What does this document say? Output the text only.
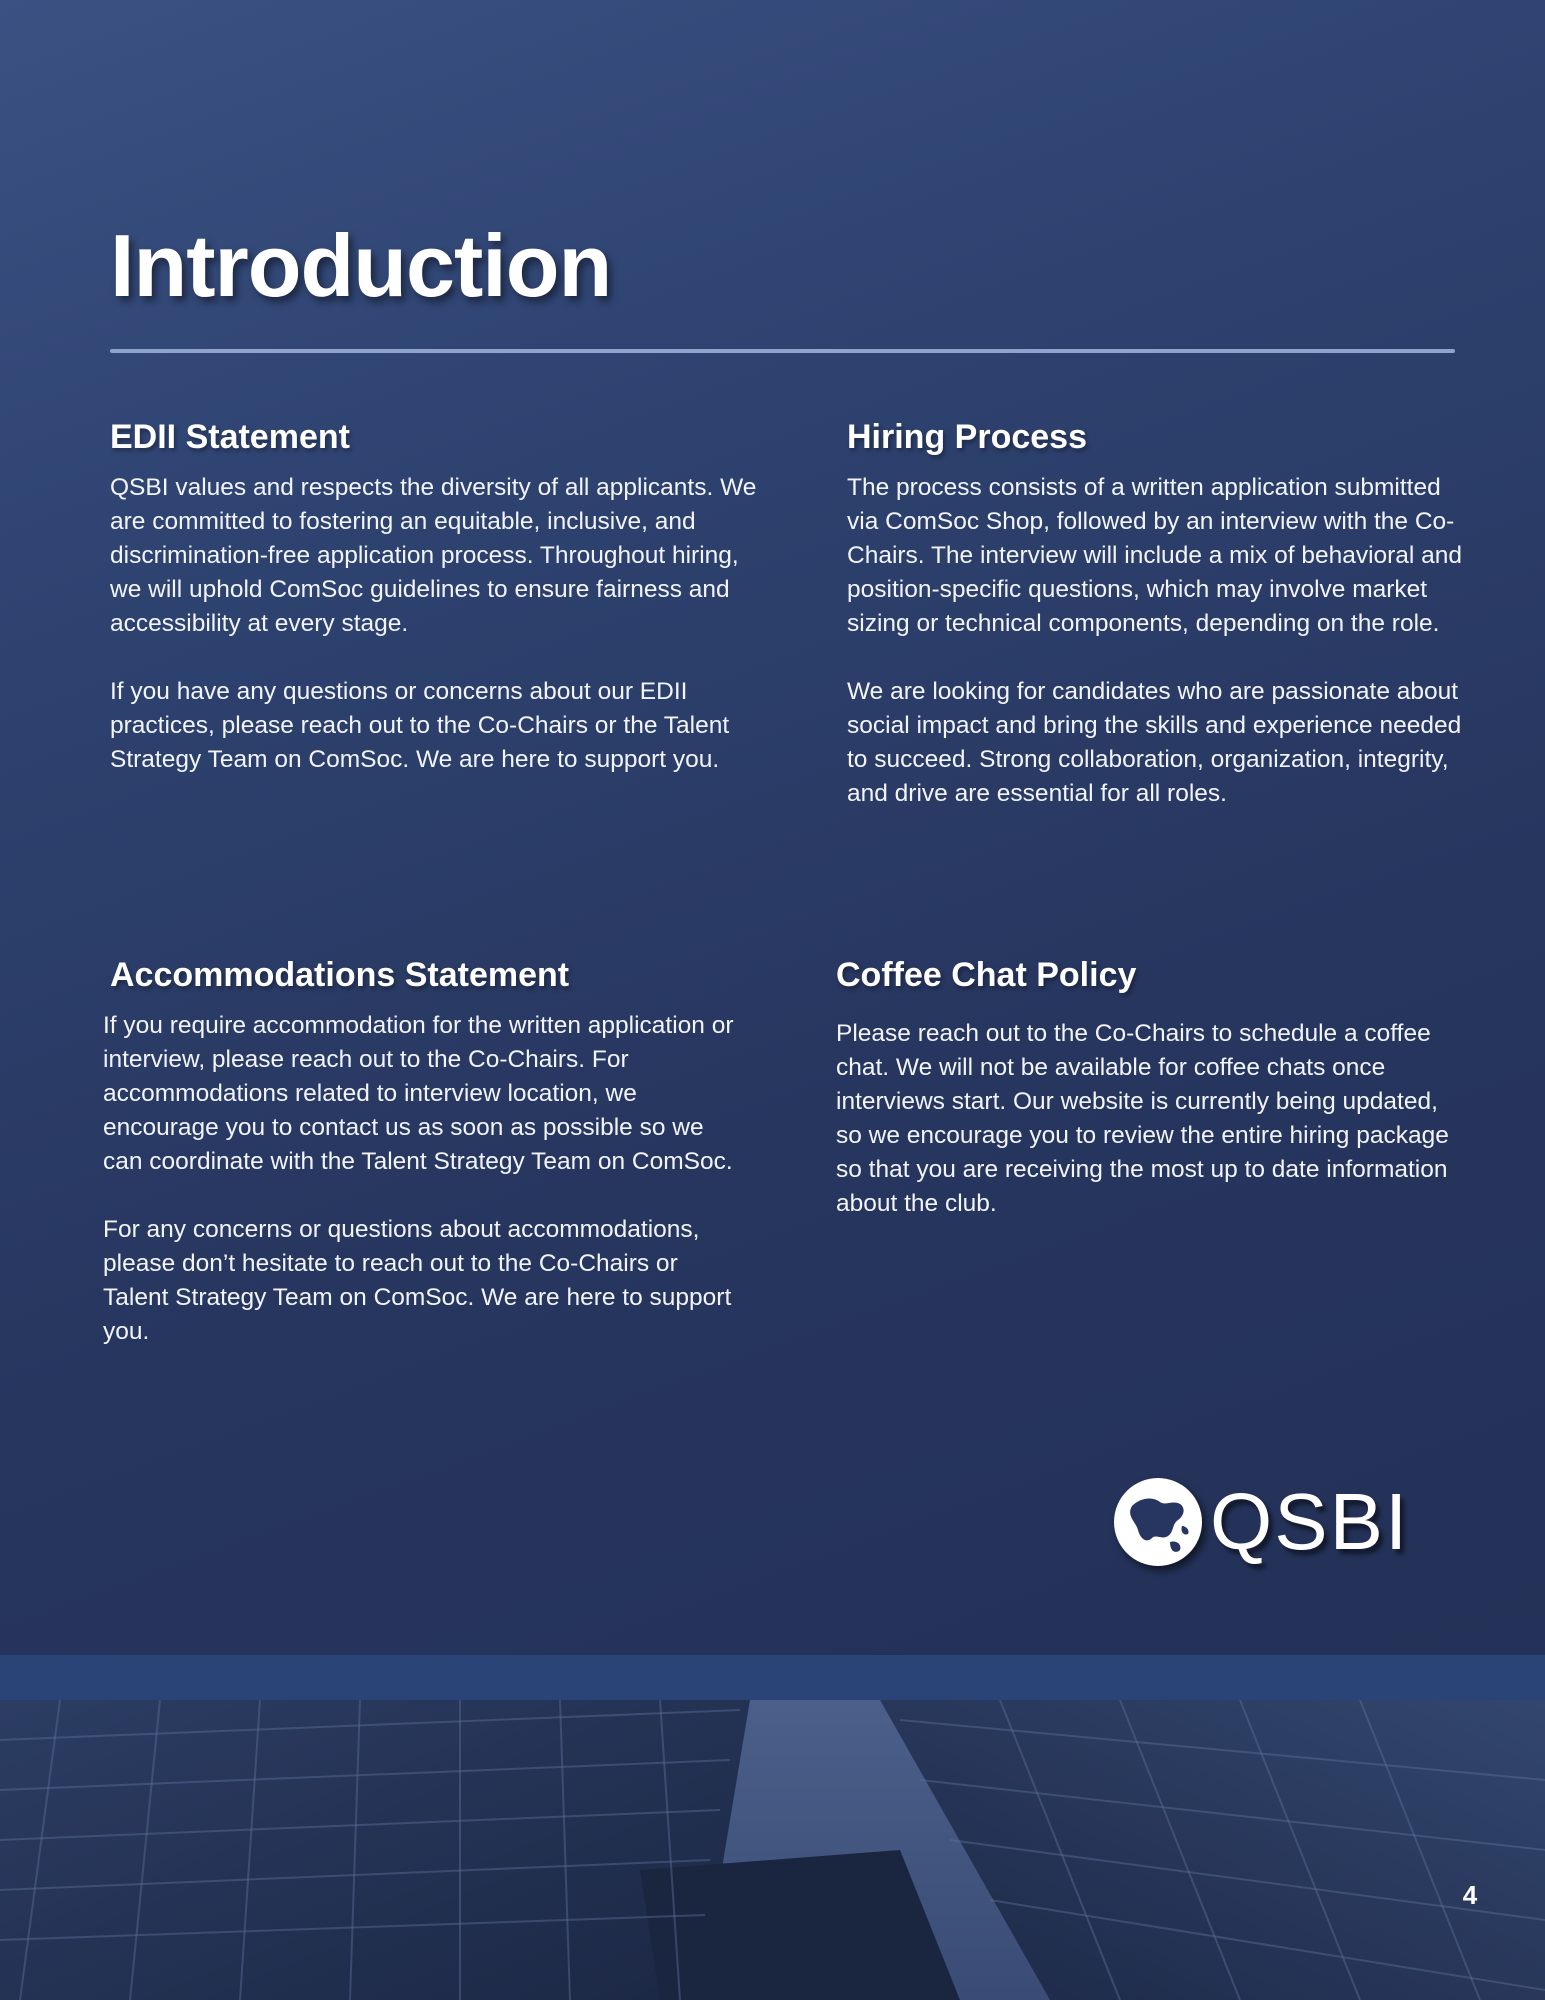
Introduction
EDII Statement

QSBI values and respects the diversity of all applicants. We are committed to fostering an equitable, inclusive, and discrimination-free application process. Throughout hiring, we will uphold ComSoc guidelines to ensure fairness and accessibility at every stage.

If you have any questions or concerns about our EDII practices, please reach out to the Co-Chairs or the Talent Strategy Team on ComSoc. We are here to support you.

Hiring Process

The process consists of a written application submitted via ComSoc Shop, followed by an interview with the Co-Chairs. The interview will include a mix of behavioral and position-specific questions, which may involve market sizing or technical components, depending on the role.

We are looking for candidates who are passionate about social impact and bring the skills and experience needed to succeed. Strong collaboration, organization, integrity, and drive are essential for all roles.

Accommodations Statement

If you require accommodation for the written application or interview, please reach out to the Co-Chairs. For accommodations related to interview location, we encourage you to contact us as soon as possible so we can coordinate with the Talent Strategy Team on ComSoc.

For any concerns or questions about accommodations, please don’t hesitate to reach out to the Co-Chairs or Talent Strategy Team on ComSoc. We are here to support you.

Coffee Chat Policy

Please reach out to the Co-Chairs to schedule a coffee chat. We will not be available for coffee chats once interviews start. Our website is currently being updated, so we encourage you to review the entire hiring package so that you are receiving the most up to date information about the club.

QSBI
4
